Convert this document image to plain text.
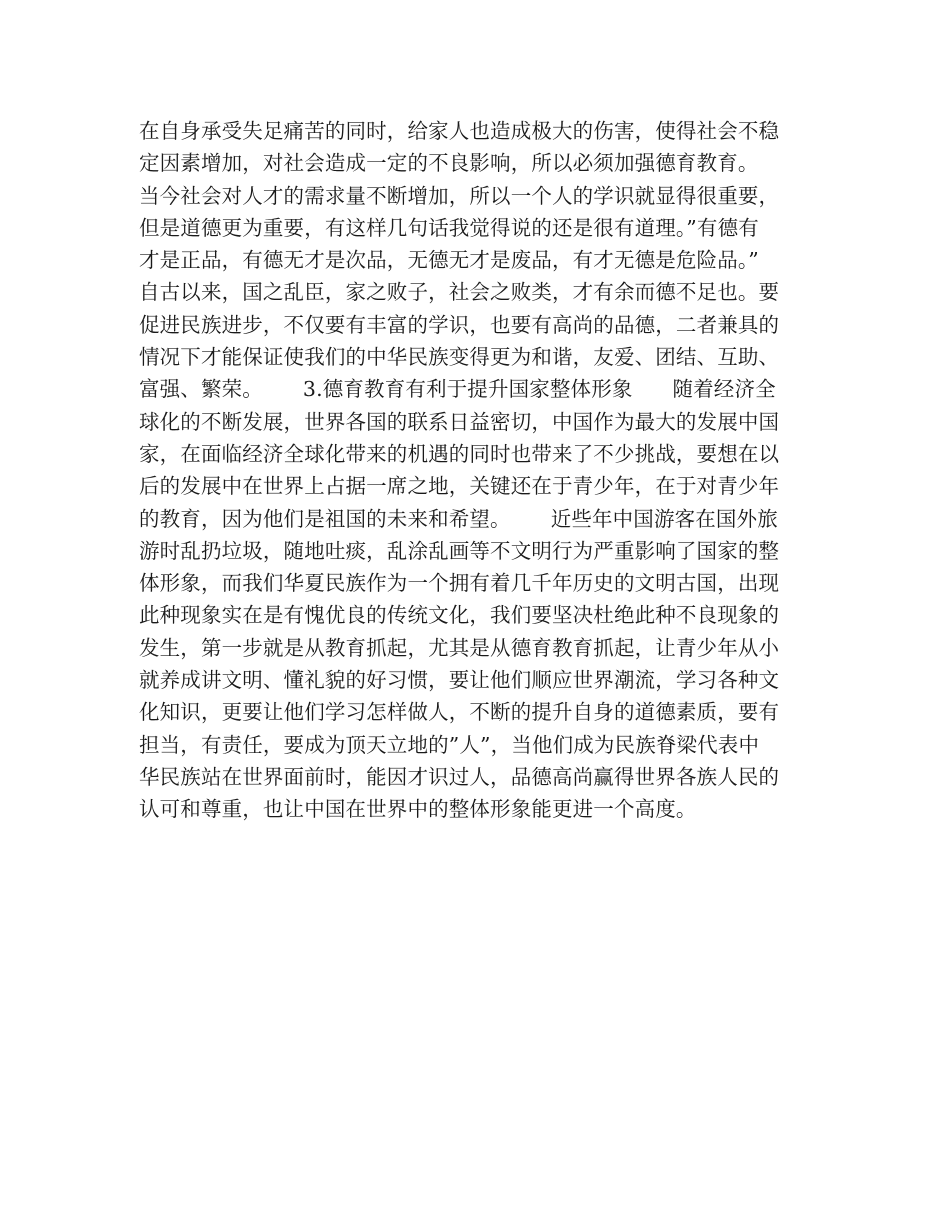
在自身承受失足痛苦的同时，给家人也造成极大的伤害，使得社会不稳
定因素增加，对社会造成一定的不良影响，所以必须加强德育教育。
当今社会对人才的需求量不断增加，所以一个人的学识就显得很重要，
但是道德更为重要，有这样几句话我觉得说的还是很有道理。”有德有
才是正品，有德无才是次品，无德无才是废品，有才无德是危险品。”
自古以来，国之乱臣，家之败子，社会之败类，才有余而德不足也。要
促进民族进步，不仅要有丰富的学识，也要有高尚的品德，二者兼具的
情况下才能保证使我们的中华民族变得更为和谐，友爱、团结、互助、
富强、繁荣。      3.德育教育有利于提升国家整体形象      随着经济全
球化的不断发展，世界各国的联系日益密切，中国作为最大的发展中国
家，在面临经济全球化带来的机遇的同时也带来了不少挑战，要想在以
后的发展中在世界上占据一席之地，关键还在于青少年，在于对青少年
的教育，因为他们是祖国的未来和希望。      近些年中国游客在国外旅
游时乱扔垃圾，随地吐痰，乱涂乱画等不文明行为严重影响了国家的整
体形象，而我们华夏民族作为一个拥有着几千年历史的文明古国，出现
此种现象实在是有愧优良的传统文化，我们要坚决杜绝此种不良现象的
发生，第一步就是从教育抓起，尤其是从德育教育抓起，让青少年从小
就养成讲文明、懂礼貌的好习惯，要让他们顺应世界潮流，学习各种文
化知识，更要让他们学习怎样做人，不断的提升自身的道德素质，要有
担当，有责任，要成为顶天立地的”人”，当他们成为民族脊梁代表中
华民族站在世界面前时，能因才识过人，品德高尚赢得世界各族人民的
认可和尊重，也让中国在世界中的整体形象能更进一个高度。
